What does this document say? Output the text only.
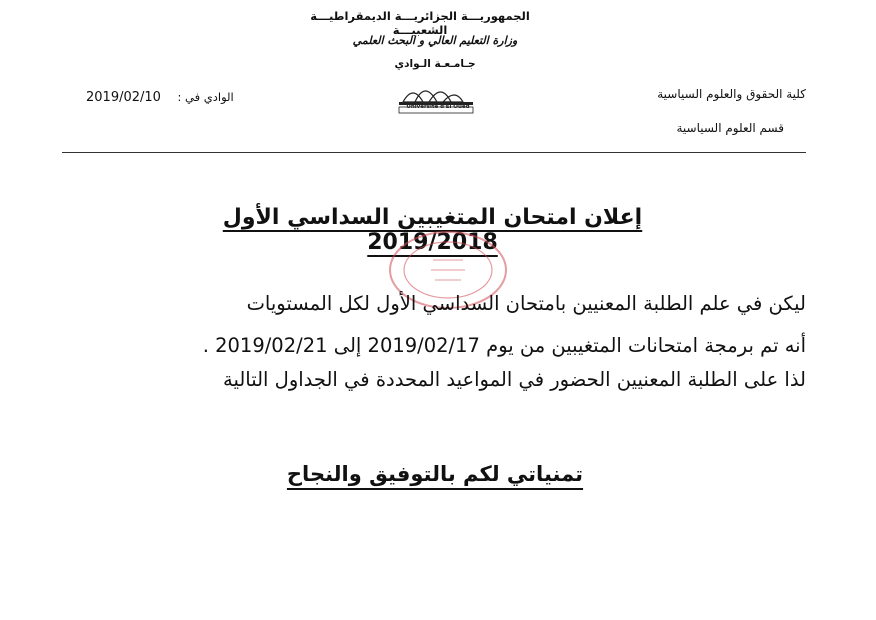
الجمهوريـــة الجزائريـــة الديمقراطيـــة الشعبيـــة
وزارة التعليم العالي و البحث العلمي
جـامـعـة الـوادي
Université d'El Oued
2019/02/10 الوادي في :	كلية الحقوق والعلوم السياسية
قسم العلوم السياسية
إعلان امتحان المتغيبين السداسي الأول 2019/2018
ليكن في علم الطلبة المعنيين بامتحان السداسي الأول لكل المستويات
أنه تم برمجة امتحانات المتغيبين من يوم 2019/02/17 إلى 2019/02/21 .
لذا على الطلبة المعنيين الحضور في المواعيد المحددة في الجداول التالية
تمنياتي لكم بالتوفيق والنجاح
